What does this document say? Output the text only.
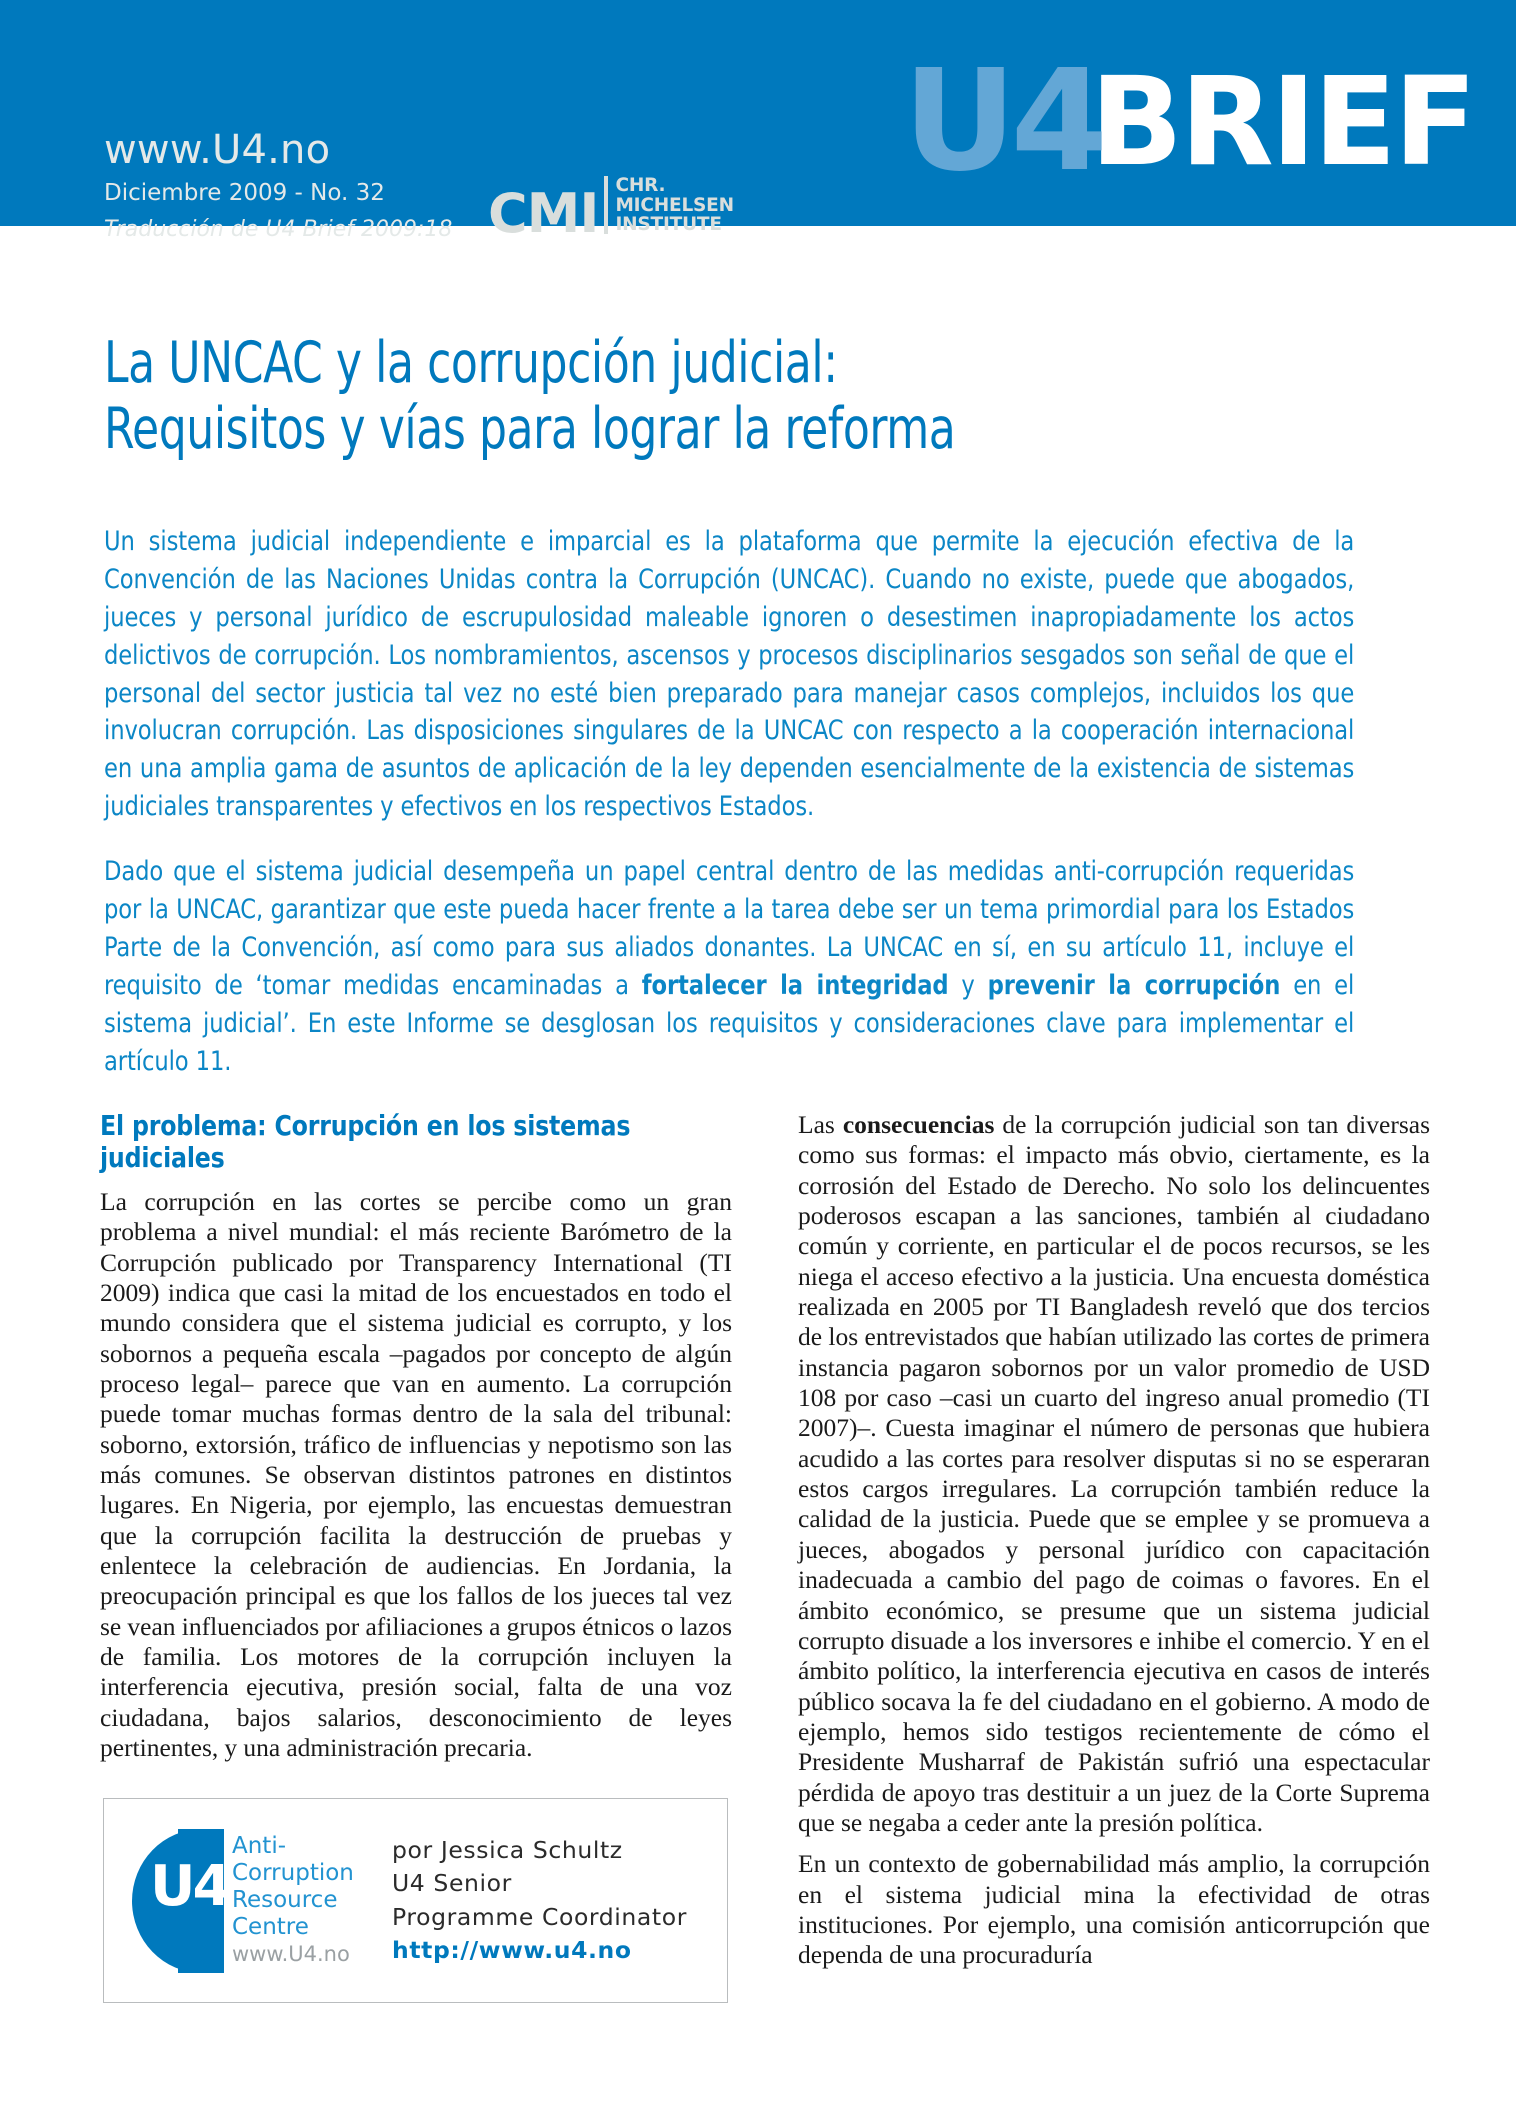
www.U4.no
Diciembre 2009 - No. 32
Traducción de U4 Brief 2009:18 CMI CHR.
MICHELSEN
INSTITUTE
U4
BRIEF
La UNCAC y la corrupción judicial:
Requisitos y vías para lograr la reforma

Un sistema judicial independiente e imparcial es la plataforma que permite la ejecución efectiva de la Convención de las Naciones Unidas contra la Corrupción (UNCAC). Cuando no existe, puede que abogados, jueces y personal jurídico de escrupulosidad maleable ignoren o desestimen inapropiadamente los actos delictivos de corrupción. Los nombramientos, ascensos y procesos disciplinarios sesgados son señal de que el personal del sector justicia tal vez no esté bien preparado para manejar casos complejos, incluidos los que involucran corrupción. Las disposiciones singulares de la UNCAC con respecto a la cooperación internacional en una amplia gama de asuntos de aplicación de la ley dependen esencialmente de la existencia de sistemas judiciales transparentes y efectivos en los respectivos Estados.

Dado que el sistema judicial desempeña un papel central dentro de las medidas anti-corrupción requeridas por la UNCAC, garantizar que este pueda hacer frente a la tarea debe ser un tema primordial para los Estados Parte de la Convención, así como para sus aliados donantes. La UNCAC en sí, en su artículo 11, incluye el requisito de ‘tomar medidas encaminadas a fortalecer la integridad y prevenir la corrupción en el sistema judicial’. En este Informe se desglosan los requisitos y consideraciones clave para implementar el artículo 11.

El problema: Corrupción en los sistemas judiciales

La corrupción en las cortes se percibe como un gran problema a nivel mundial: el más reciente Barómetro de la Corrupción publicado por Transparency International (TI 2009) indica que casi la mitad de los encuestados en todo el mundo considera que el sistema judicial es corrupto, y los sobornos a pequeña escala –pagados por concepto de algún proceso legal– parece que van en aumento. La corrupción puede tomar muchas formas dentro de la sala del tribunal: soborno, extorsión, tráfico de influencias y nepotismo son las más comunes. Se observan distintos patrones en distintos lugares. En Nigeria, por ejemplo, las encuestas demuestran que la corrupción facilita la destrucción de pruebas y enlentece la celebración de audiencias. En Jordania, la preocupación principal es que los fallos de los jueces tal vez se vean influenciados por afiliaciones a grupos étnicos o lazos de familia. Los motores de la corrupción incluyen la interferencia ejecutiva, presión social, falta de una voz ciudadana, bajos salarios, desconocimiento de leyes pertinentes, y una administración precaria.

Las consecuencias de la corrupción judicial son tan diversas como sus formas: el impacto más obvio, ciertamente, es la corrosión del Estado de Derecho. No solo los delincuentes poderosos escapan a las sanciones, también al ciudadano común y corriente, en particular el de pocos recursos, se les niega el acceso efectivo a la justicia. Una encuesta doméstica realizada en 2005 por TI Bangladesh reveló que dos tercios de los entrevistados que habían utilizado las cortes de primera instancia pagaron sobornos por un valor promedio de USD 108 por caso –casi un cuarto del ingreso anual promedio (TI 2007)–. Cuesta imaginar el número de personas que hubiera acudido a las cortes para resolver disputas si no se esperaran estos cargos irregulares. La corrupción también reduce la calidad de la justicia. Puede que se emplee y se promueva a jueces, abogados y personal jurídico con capacitación inadecuada a cambio del pago de coimas o favores. En el ámbito económico, se presume que un sistema judicial corrupto disuade a los inversores e inhibe el comercio. Y en el ámbito político, la interferencia ejecutiva en casos de interés público socava la fe del ciudadano en el gobierno. A modo de ejemplo, hemos sido testigos recientemente de cómo el Presidente Musharraf de Pakistán sufrió una espectacular pérdida de apoyo tras destituir a un juez de la Corte Suprema que se negaba a ceder ante la presión política.

En un contexto de gobernabilidad más amplio, la corrupción en el sistema judicial mina la efectividad de otras instituciones. Por ejemplo, una comisión anticorrupción que dependa de una procuraduría

U4
Anti-
Corruption
Resource
Centre
www.U4.no
por Jessica Schultz
U4 Senior
Programme Coordinator
http://www.u4.no
